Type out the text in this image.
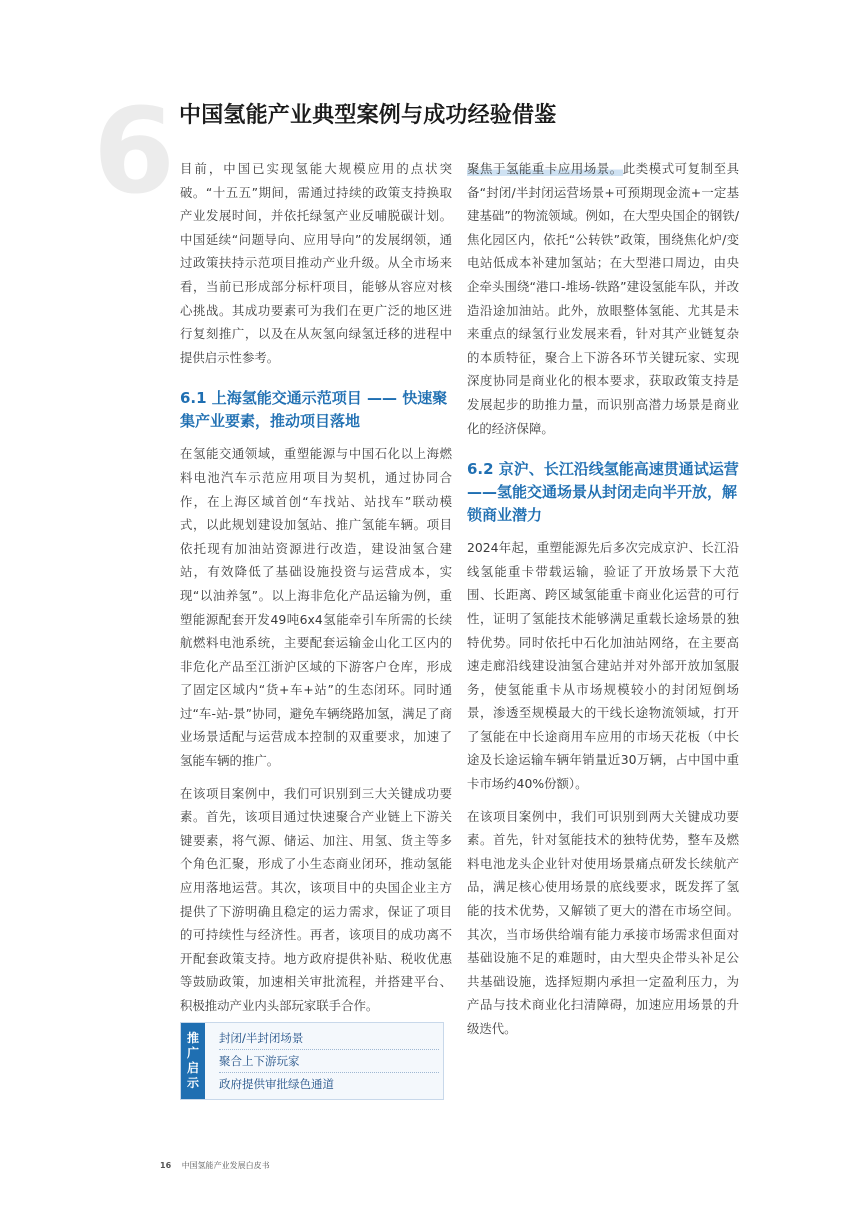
6 中国氢能产业典型案例与成功经验借鉴

目前，中国已实现氢能大规模应用的点状突破。“十五五”期间，需通过持续的政策支持换取产业发展时间，并依托绿氢产业反哺脱碳计划。中国延续“问题导向、应用导向”的发展纲领，通过政策扶持示范项目推动产业升级。从全市场来看，当前已形成部分标杆项目，能够从容应对核心挑战。其成功要素可为我们在更广泛的地区进行复刻推广，以及在从灰氢向绿氢迁移的进程中提供启示性参考。

6.1 上海氢能交通示范项目 —— 快速聚集产业要素，推动项目落地

在氢能交通领域，重塑能源与中国石化以上海燃料电池汽车示范应用项目为契机，通过协同合作，在上海区域首创“车找站、站找车”联动模式，以此规划建设加氢站、推广氢能车辆。项目依托现有加油站资源进行改造，建设油氢合建站，有效降低了基础设施投资与运营成本，实现“以油养氢”。以上海非危化产品运输为例，重塑能源配套开发49吨6x4氢能牵引车所需的长续航燃料电池系统，主要配套运输金山化工区内的非危化产品至江浙沪区域的下游客户仓库，形成了固定区域内“货+车+站”的生态闭环。同时通过“车-站-景”协同，避免车辆绕路加氢，满足了商业场景适配与运营成本控制的双重要求，加速了氢能车辆的推广。

在该项目案例中，我们可识别到三大关键成功要素。首先，该项目通过快速聚合产业链上下游关键要素，将气源、储运、加注、用氢、货主等多个角色汇聚，形成了小生态商业闭环，推动氢能应用落地运营。其次，该项目中的央国企业主方提供了下游明确且稳定的运力需求，保证了项目的可持续性与经济性。再者，该项目的成功离不开配套政策支持。地方政府提供补贴、税收优惠等鼓励政策，加速相关审批流程，并搭建平台、积极推动产业内头部玩家联手合作。

推广启示
封闭/半封闭场景
聚合上下游玩家
政府提供审批绿色通道

聚焦于氢能重卡应用场景。此类模式可复制至具备“封闭/半封闭运营场景+可预期现金流+一定基建基础”的物流领域。例如，在大型央国企的钢铁/焦化园区内，依托“公转铁”政策，围绕焦化炉/变电站低成本补建加氢站；在大型港口周边，由央企牵头围绕“港口-堆场-铁路”建设氢能车队，并改造沿途加油站。此外，放眼整体氢能、尤其是未来重点的绿氢行业发展来看，针对其产业链复杂的本质特征，聚合上下游各环节关键玩家、实现深度协同是商业化的根本要求，获取政策支持是发展起步的助推力量，而识别高潜力场景是商业化的经济保障。

6.2 京沪、长江沿线氢能高速贯通试运营——氢能交通场景从封闭走向半开放，解锁商业潜力

2024年起，重塑能源先后多次完成京沪、长江沿线氢能重卡带载运输，验证了开放场景下大范围、长距离、跨区域氢能重卡商业化运营的可行性，证明了氢能技术能够满足重载长途场景的独特优势。同时依托中石化加油站网络，在主要高速走廊沿线建设油氢合建站并对外部开放加氢服务，使氢能重卡从市场规模较小的封闭短倒场景，渗透至规模最大的干线长途物流领域，打开了氢能在中长途商用车应用的市场天花板（中长途及长途运输车辆年销量近30万辆，占中国中重卡市场约40%份额）。

在该项目案例中，我们可识别到两大关键成功要素。首先，针对氢能技术的独特优势，整车及燃料电池龙头企业针对使用场景痛点研发长续航产品，满足核心使用场景的底线要求，既发挥了氢能的技术优势，又解锁了更大的潜在市场空间。其次，当市场供给端有能力承接市场需求但面对基础设施不足的难题时，由大型央企带头补足公共基础设施，选择短期内承担一定盈利压力，为产品与技术商业化扫清障碍，加速应用场景的升级迭代。

16 中国氢能产业发展白皮书
